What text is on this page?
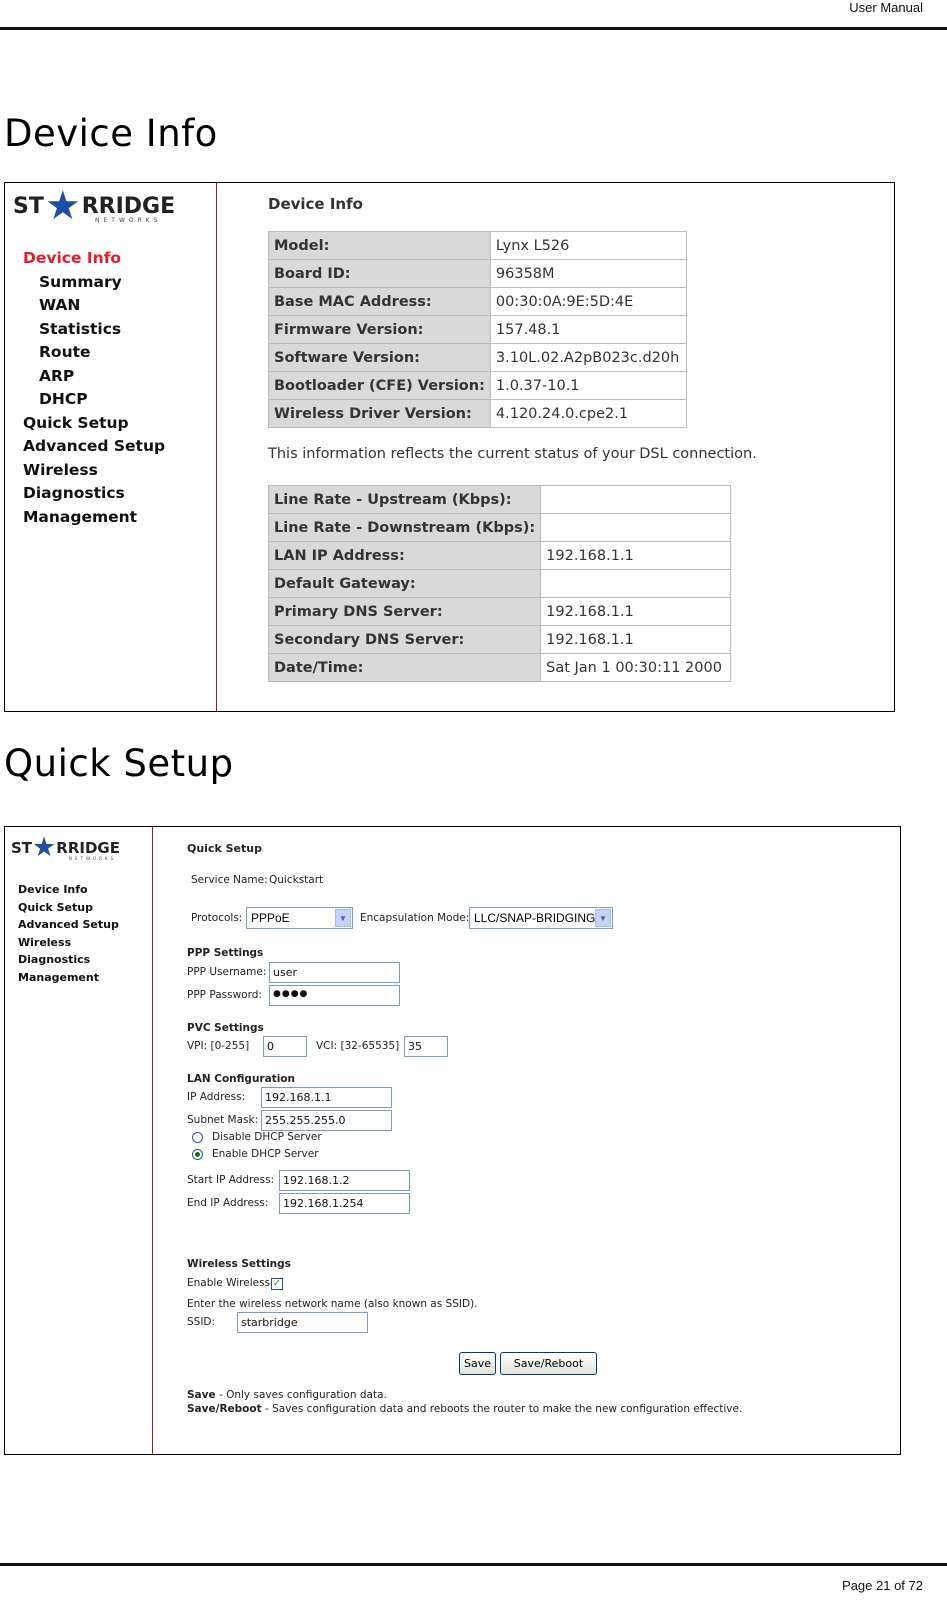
User Manual
Device Info
ST ★ RRIDGE
NETWORKS
Device Info
Summary
WAN
Statistics
Route
ARP
DHCP
Quick Setup
Advanced Setup
Wireless
Diagnostics
Management
Device Info
Model:	Lynx L526
Board ID:	96358M
Base MAC Address:	00:30:0A:9E:5D:4E
Firmware Version:	157.48.1
Software Version:	3.10L.02.A2pB023c.d20h
Bootloader (CFE) Version:	1.0.37-10.1
Wireless Driver Version:	4.120.24.0.cpe2.1
This information reflects the current status of your DSL connection.
Line Rate - Upstream (Kbps):	
Line Rate - Downstream (Kbps):	
LAN IP Address:	192.168.1.1
Default Gateway:	
Primary DNS Server:	192.168.1.1
Secondary DNS Server:	192.168.1.1
Date/Time:	Sat Jan 1 00:30:11 2000
Quick Setup
ST ★ RRIDGE
NETWORKS
Device Info
Quick Setup
Advanced Setup
Wireless
Diagnostics
Management
Quick Setup
Service Name: Quickstart
Protocols: PPPoE	▼	Encapsulation Mode: LLC/SNAP-BRIDGING ▼
PPP Settings
PPP Username: user
PPP Password:	●●●●
PVC Settings
VPI: [0-255]	0	VCI: [32-65535] 35
LAN Configuration
IP Address:	192.168.1.1
Subnet Mask: 255.255.255.0
Disable DHCP Server
Enable DHCP Server
Start IP Address: 192.168.1.2
End IP Address:	192.168.1.254
Wireless Settings
Enable Wireless ✓
Enter the wireless network name (also known as SSID).
SSID:	starbridge
Save	Save/Reboot
Save - Only saves configuration data.
Save/Reboot - Saves configuration data and reboots the router to make the new configuration effective.
Page 21 of 72
